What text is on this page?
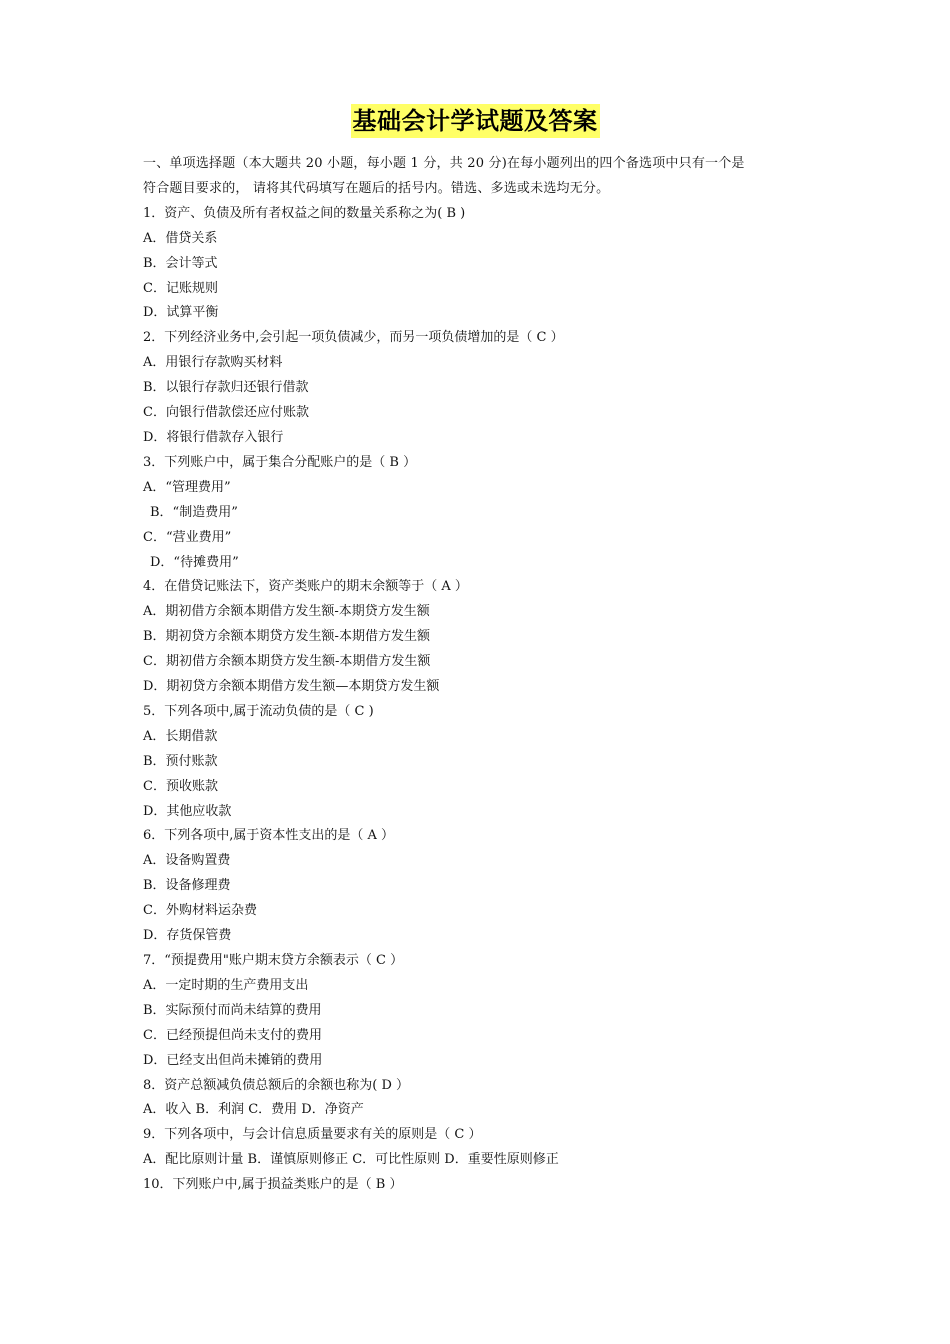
基础会计学试题及答案
一、单项选择题（本大题共 20 小题，每小题 1 分，共 20 分)在每小题列出的四个备选项中只有一个是
符合题目要求的， 请将其代码填写在题后的括号内。错选、多选或未选均无分。
1．资产、负债及所有者权益之间的数量关系称之为( B )
A．借贷关系
B．会计等式
C．记账规则
D．试算平衡
2．下列经济业务中,会引起一项负债减少，而另一项负债增加的是（ C ）
A．用银行存款购买材料
B．以银行存款归还银行借款
C．向银行借款偿还应付账款
D．将银行借款存入银行
3．下列账户中，属于集合分配账户的是（ B ）
A．“管理费用”
B．“制造费用”
C．“营业费用”
D．“待摊费用”
4．在借贷记账法下，资产类账户的期末余额等于（ A ）
A．期初借方余额本期借方发生额-本期贷方发生额
B．期初贷方余额本期贷方发生额-本期借方发生额
C．期初借方余额本期贷方发生额-本期借方发生额
D．期初贷方余额本期借方发生额—本期贷方发生额
5．下列各项中,属于流动负债的是（ C )
A．长期借款
B．预付账款
C．预收账款
D．其他应收款
6．下列各项中,属于资本性支出的是（ A ）
A．设备购置费
B．设备修理费
C．外购材料运杂费
D．存货保管费
7．“预提费用"账户期末贷方余额表示（ C ）
A．一定时期的生产费用支出
B．实际预付而尚未结算的费用
C．已经预提但尚未支付的费用
D．已经支出但尚未摊销的费用
8．资产总额减负债总额后的余额也称为( D ）
A．收入 B．利润 C．费用 D．净资产
9．下列各项中，与会计信息质量要求有关的原则是（ C ）
A．配比原则计量 B．谨慎原则修正 C．可比性原则 D．重要性原则修正
10．下列账户中,属于损益类账户的是（ B ）
